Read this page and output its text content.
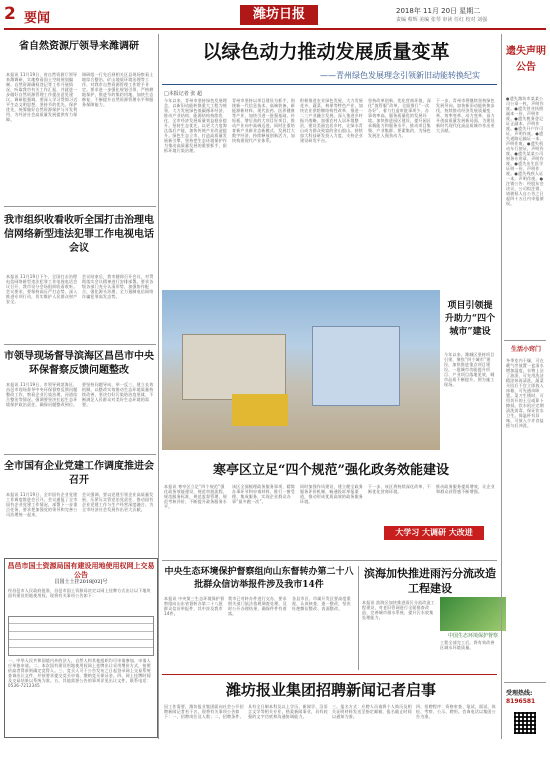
2 要闻	潍坊日报	2018年 11月 20日 星期二
责编 蔡辉 美编 张琴 审读 任红 校对 刘强
省自然资源厅领导来潍调研
本报讯 11月19日，省自然资源厅领导来潍调研，实地察看国土空间规划编制、自然资源确权登记等工作开展情况，听取我市有关工作汇报，并就进一步做好自然资源管理工作提出意见建议。调研组强调，要深入学习贯彻习近平生态文明思想，坚持节约优先、保护优先，统筹做好自然资源保护与开发利用，为经济社会高质量发展提供有力保障。
调研组一行先后到相关区县现场察看土地综合整治、矿山地质环境治理等工作，对我市自然资源管理工作给予肯定。要求进一步强化规划引领，严格耕地保护，推进节约集约用地，加快生态修复，不断提升自然资源管理水平和服务保障能力。
我市组织收看收听全国打击治理电信网络新型违法犯罪工作电视电话会议
本报讯 11月19日下午，全国打击治理电信网络新型违法犯罪工作电视电话会议召开，我市设分会场组织收看收听。会议要求，要保持高压严打态势，深入推进专项行动，切实维护人民群众财产安全。
会议结束后，我市随即召开会议，对贯彻落实会议精神进行安排部署。要求各级各部门充分认清形势，加强协作配合，强化源头治理，全力遏制电信网络诈骗犯罪高发态势。
市领导现场督导滨海区昌邑市中央环保督察反馈问题整改
本报讯 11月19日，市领导到滨海区、昌邑市现场督导中央环保督察反馈问题整改工作，察看企业污染治理、河道综合整治等情况。强调要坚决扛起生态环境保护政治责任，确保问题整改到位。
要坚持问题导向，举一反三，建立长效机制，以整改实效推动生态环境质量持续改善，坚决打好污染防治攻坚战，不断满足人民群众对美好生态环境的需要。
全市国有企业党建工作调度推进会召开
本报讯 11月19日，全市国有企业党建工作调度推进会召开。会议通报了全市国有企业党建工作情况，部署下一步重点任务，要求把加强党的领导和完善公司治理统一起来。
会议强调，要以党建引领企业高质量发展，压紧压实管党治党责任，推动国有企业党建工作与生产经营深度融合，为全市经济社会发展作出更大贡献。
昌邑市国土资源局国有建设用地使用权网上交易公告
昌国土土挂2018[02]号
经昌邑市人民政府批准，昌邑市国土资源局决定以网上挂牌方式出让以下地块国有建设用地使用权。现将有关事项公告如下：
一、中华人民共和国境内外的法人、自然人和其他组织均可申请参加，申请人应单独申请。二、本次国有建设用地使用权网上挂牌出让采用增价方式，按照价高者得原则确定竞得人。三、竞买人可于公告发布之日起登录网上交易系统查询出让文件，并按要求提交竞买申请、缴纳竞买保证金。四、网上挂牌时间及交易结果以系统为准。五、其他需要公告的事项详见出让文件。联系电话：0536-7212345
以绿色动力推动发展质量变革
——青州绿色发展理念引领新旧动能转换纪实
□本报记者 张 超
今年以来，青州市坚持绿色发展理念，以新旧动能转换重大工程为统领，大力发展绿色低碳循环经济，推动产业结构、能源结构持续优化，全市经济发展质量效益稳步提升。坚持生态优先，以更大力度淘汰落后产能，加快传统产业改造提升。绿色生态立市，打造高质量发展新引擎，坚持把生态环境保护作为推动高质量发展的重要抓手，狠抓环境污染治理。
青州市坚持以项目建设为抓手，围绕新一代信息技术、高端装备、新能源新材料、现代医药、医养健康等产业，加快引进一批强基础、补短板、增后劲的大项目好项目，推动产业向中高端迈进。同时注重培育新产业新业态新模式，发展壮大数字经济，持续释放创新活力，加快构建现代产业体系。
积极推进农业绿色发展，大力发展花卉、蔬菜、林果等特色产业，加快农业供给侧结构性改革，推进一二三产业融合发展。深入推进乡村振兴战略，加强农村人居环境整治，建设美丽宜居乡村，让绿水青山成为群众致富的金山银山。持续加大科技研发投入力度，支持企业建设研发平台。
坚持改革创新，优化营商环境，深化“放管服”改革，全面推行“一次办好”，着力打造审批事项少、办事效率高、服务质量优的发展环境。加快推进园区建设，提升园区承载能力和服务水平，推动项目集聚、产业集群、要素集约，为绿色发展注入强劲动力。
下一步，青州市将继续坚持绿色发展导向，加快新旧动能转换步伐，持续推动经济发展质量变革、效率变革、动力变革，奋力开创高质量发展新局面，为建设新时代现代化高品质城市作出更大贡献。
项目引领提升助力“四个城市”建设
今年以来，潍城区坚持项目引领，聚焦“四个城市”建设，加快推进重点项目建设，一批城市功能提升项目、产业项目落地见效，城市品质不断提升。图为施工现场。
寒亭区立足“四个规范”强化政务效能建设
本报讯 寒亭区立足“四个规范”强化政务效能建设，规范审批流程，规范服务标准，规范监督管理，规范考核评价，不断提升政务服务水平。
该区全面梳理政务服务事项，精简办事环节和申请材料，推行一窗受理、集成服务，实现企业群众办事“最多跑一次”。
同时加强作风建设，建立健全政务服务评价机制，畅通投诉举报渠道，推动形成优质高效的政务服务环境。
下一步，该区将持续深化改革，不断优化营商环境。
推动政务服务提质增效，让企业和群众获得感不断增强。
大学习 大调研 大改进
中央生态环境保护督察组向山东督转办第二十八批群众信访举报件涉及我市14件
本报讯 中央第三生态环境保护督察组向山东省督转办第二十八批群众信访举报件，其中涉及我市14件。
我市已对转办件进行交办，要求相关部门依法依规调查处理，及时公开办理结果，确保件件有着落。
各县市区、市属开发区要高度重视，认真核查，逐一整改，坚决杜绝敷衍整改、表面整改。
滨海加快推进雨污分流改造工程建设
本报讯 滨海区加快推进雨污分流改造工程建设，对老旧管网进行全面排查改造，完善城市排水系统，提升污水收集处理能力。
中国生态环境保护督察
工程全部完工后，将有效改善区域水环境质量。
潍坊报业集团招聘新闻记者启事
因工作需要，潍坊报业集团面向社会公开招聘新闻记者若干名，现将有关事项公告如下：一、招聘岗位及人数；二、招聘条件。
具有全日制本科及以上学历，新闻学、汉语言文学等相关专业，热爱新闻事业，具有较强的文字功底和沟通协调能力。
三、报名方式：应聘人员请将个人简历及相关证明材料发送至指定邮箱，报名截止时间以通知为准。
四、招聘程序：资格审查、笔试、面试、体检、考察、公示、聘用。咨询电话以集团公告为准。
遗失声明公告
●遗失潍坊市某某公司公章一枚，声明作废。●遗失营业执照副本一份，声明作废。●遗失税务登记证正副本，声明作废。●遗失开户许可证，声明作废。●遗失道路运输证一本，声明作废。●遗失机动车行驶证，声明作废。●遗失某某公司财务专用章，声明作废。●遗失出生医学证明一份，声明作废。●遗失残疾人证一本，声明作废。●注销公告：经股东会决议，公司拟注销，请债权人自公告之日起四十五日内申报债权。
生活小窍门
冬季室内干燥，可在暖气旁放置一盆清水增加湿度。衣物上沾了油渍，可先用洗洁精涂抹再清洗。蔬菜买回后不宜立即放入冰箱，可先通风晾置。菜刀生锈时，可用切开的土豆或萝卜擦拭。饮水机应定期清洗消毒，保证饮水卫生。保温杯有异味，可放入少许食盐摇匀后冲洗。
受理热线:
8196581
